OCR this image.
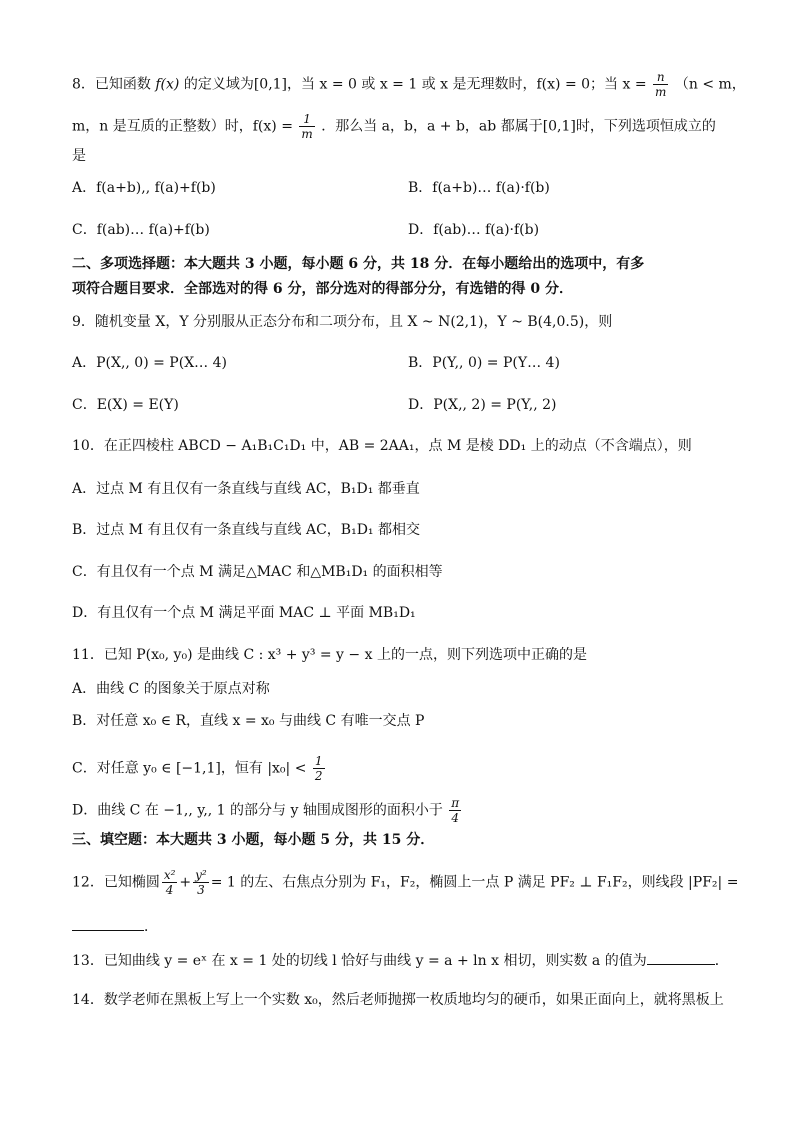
8．已知函数 f(x) 的定义域为[0,1]，当 x = 0 或 x = 1 或 x 是无理数时，f(x) = 0；当 $x = \frac{n}{m} (n < m$，
m，n 是互质的正整数）时，$f(x) = \frac{1}{m}$ ．那么当 a，b，a + b，ab 都属于[0,1]时，下列选项恒成立的
是
A．f(a+b),, f(a)+f(b)	B．f(a+b)… f(a)·f(b)
C．f(ab)… f(a)+f(b)	D．f(ab)… f(a)·f(b)
二、多项选择题：本大题共 3 小题，每小题 6 分，共 18 分．在每小题给出的选项中，有多
项符合题目要求．全部选对的得 6 分，部分选对的得部分分，有选错的得 0 分．
9．随机变量 X，Y 分别服从正态分布和二项分布，且 X ~ N(2,1)，Y ~ B(4,0.5)，则
A．P(X,, 0) = P(X… 4)	B．P(Y,, 0) = P(Y… 4)
C．E(X) = E(Y)	D．P(X,, 2) = P(Y,, 2)
10．在正四棱柱 ABCD − A₁B₁C₁D₁ 中，AB = 2AA₁，点 M 是棱 DD₁ 上的动点（不含端点），则
A．过点 M 有且仅有一条直线与直线 AC，B₁D₁ 都垂直
B．过点 M 有且仅有一条直线与直线 AC，B₁D₁ 都相交
C．有且仅有一个点 M 满足△MAC 和△MB₁D₁ 的面积相等
D．有且仅有一个点 M 满足平面 MAC ⊥ 平面 MB₁D₁
11．已知 P(x₀, y₀) 是曲线 C : x³ + y³ = y − x 上的一点，则下列选项中正确的是
A．曲线 C 的图象关于原点对称
B．对任意 x₀ ∈ R，直线 x = x₀ 与曲线 C 有唯一交点 P
C．对任意 y₀ ∈ [−1,1]，恒有 $|x_0| < \frac{1}{2}$
D．曲线 C 在 −1,, y,, 1 的部分与 y 轴围成图形的面积小于 $\frac{\pi}{4}$
三、填空题：本大题共 3 小题，每小题 5 分，共 15 分．
12．已知椭圆 $\frac{\text{x²}}{4} + \frac{\text{y²}}{3} = 1$ 的左、右焦点分别为 F₁，F₂，椭圆上一点 P 满足 PF₂ ⊥ F₁F₂，则线段 |PF₂| =
．
13．已知曲线 y = eˣ 在 x = 1 处的切线 l 恰好与曲线 y = a + ln x 相切，则实数 a 的值为	．
14．数学老师在黑板上写上一个实数 x₀，然后老师抛掷一枚质地均匀的硬币，如果正面向上，就将黑板上
